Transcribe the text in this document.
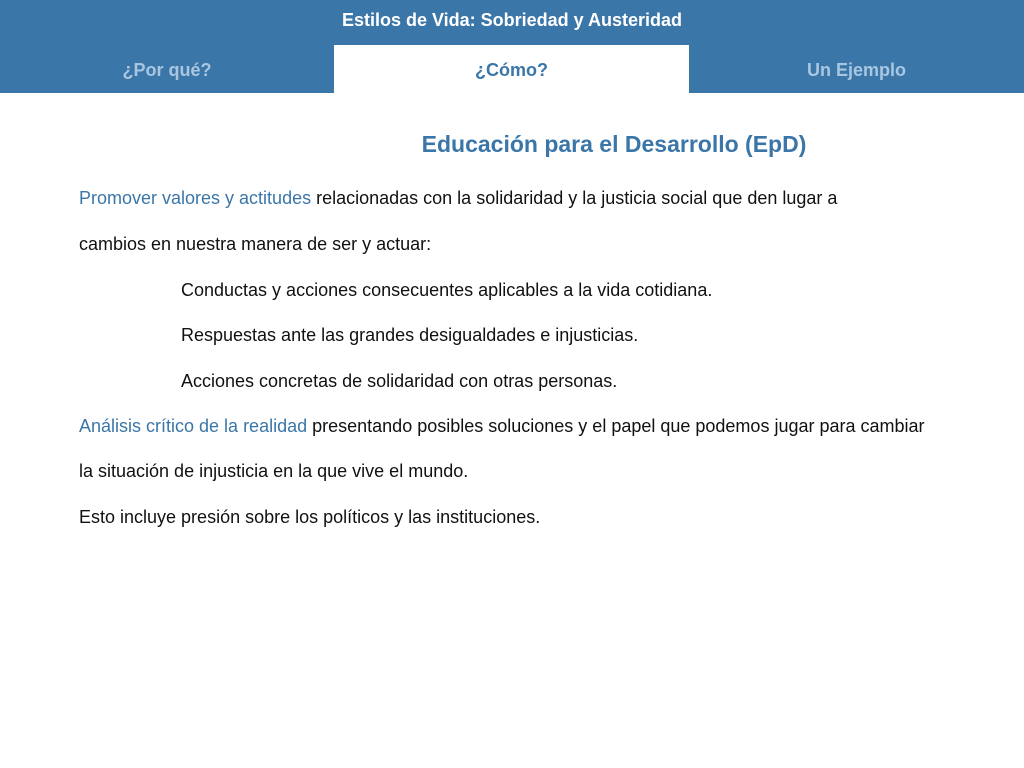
Estilos de Vida: Sobriedad y Austeridad
¿Por qué?	¿Cómo?	Un Ejemplo
Educación para el Desarrollo (EpD)
Promover valores y actitudes relacionadas con la solidaridad y la justicia social que den lugar a
cambios en nuestra manera de ser y actuar:
Conductas y acciones consecuentes aplicables a la vida cotidiana.
Respuestas ante las grandes desigualdades e injusticias.
Acciones concretas de solidaridad con otras personas.
Análisis crítico de la realidad presentando posibles soluciones y el papel que podemos jugar para cambiar
la situación de injusticia en la que vive el mundo.
Esto incluye presión sobre los políticos y las instituciones.
